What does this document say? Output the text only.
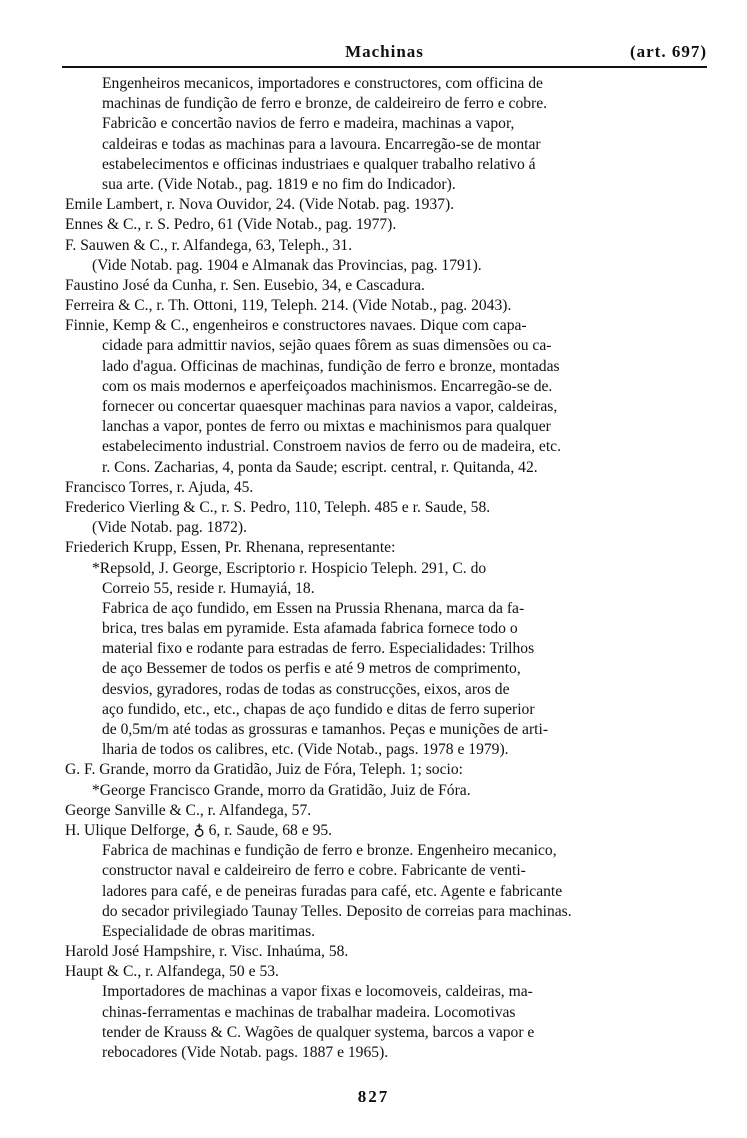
Machinas	(art. 697)
Engenheiros mecanicos, importadores e constructores, com officina de
machinas de fundição de ferro e bronze, de caldeireiro de ferro e cobre.
Fabricão e concertão navios de ferro e madeira, machinas a vapor,
caldeiras e todas as machinas para a lavoura. Encarregão-se de montar
estabelecimentos e officinas industriaes e qualquer trabalho relativo á
sua arte. (Vide Notab., pag. 1819 e no fim do Indicador).
Emile Lambert, r. Nova Ouvidor, 24. (Vide Notab. pag. 1937).
Ennes & C., r. S. Pedro, 61 (Vide Notab., pag. 1977).
F. Sauwen & C., r. Alfandega, 63, Teleph., 31.
(Vide Notab. pag. 1904 e Almanak das Provincias, pag. 1791).
Faustino José da Cunha, r. Sen. Eusebio, 34, e Cascadura.
Ferreira & C., r. Th. Ottoni, 119, Teleph. 214. (Vide Notab., pag. 2043).
Finnie, Kemp & C., engenheiros e constructores navaes. Dique com capa-
cidade para admittir navios, sejão quaes fôrem as suas dimensões ou ca-
lado d'agua. Officinas de machinas, fundição de ferro e bronze, montadas
com os mais modernos e aperfeiçoados machinismos. Encarregão-se de.
fornecer ou concertar quaesquer machinas para navios a vapor, caldeiras,
lanchas a vapor, pontes de ferro ou mixtas e machinismos para qualquer
estabelecimento industrial. Constroem navios de ferro ou de madeira, etc.
r. Cons. Zacharias, 4, ponta da Saude; escript. central, r. Quitanda, 42.
Francisco Torres, r. Ajuda, 45.
Frederico Vierling & C., r. S. Pedro, 110, Teleph. 485 e r. Saude, 58.
(Vide Notab. pag. 1872).
Friederich Krupp, Essen, Pr. Rhenana, representante:
*Repsold, J. George, Escriptorio r. Hospicio Teleph. 291, C. do
Correio 55, reside r. Humayiá, 18.
Fabrica de aço fundido, em Essen na Prussia Rhenana, marca da fa-
brica, tres balas em pyramide. Esta afamada fabrica fornece todo o
material fixo e rodante para estradas de ferro. Especialidades: Trilhos
de aço Bessemer de todos os perfis e até 9 metros de comprimento,
desvios, gyradores, rodas de todas as construcções, eixos, aros de
aço fundido, etc., etc., chapas de aço fundido e ditas de ferro superior
de 0,5m/m até todas as grossuras e tamanhos. Peças e munições de arti-
lharia de todos os calibres, etc. (Vide Notab., pags. 1978 e 1979).
G. F. Grande, morro da Gratidão, Juiz de Fóra, Teleph. 1; socio:
*George Francisco Grande, morro da Gratidão, Juiz de Fóra.
George Sanville & C., r. Alfandega, 57.
H. Ulique Delforge, ♁ 6, r. Saude, 68 e 95.
Fabrica de machinas e fundição de ferro e bronze. Engenheiro mecanico,
constructor naval e caldeireiro de ferro e cobre. Fabricante de venti-
ladores para café, e de peneiras furadas para café, etc. Agente e fabricante
do secador privilegiado Taunay Telles. Deposito de correias para machinas.
Especialidade de obras maritimas.
Harold José Hampshire, r. Visc. Inhaúma, 58.
Haupt & C., r. Alfandega, 50 e 53.
Importadores de machinas a vapor fixas e locomoveis, caldeiras, ma-
chinas-ferramentas e machinas de trabalhar madeira. Locomotivas
tender de Krauss & C. Wagões de qualquer systema, barcos a vapor e
rebocadores (Vide Notab. pags. 1887 e 1965).
827
